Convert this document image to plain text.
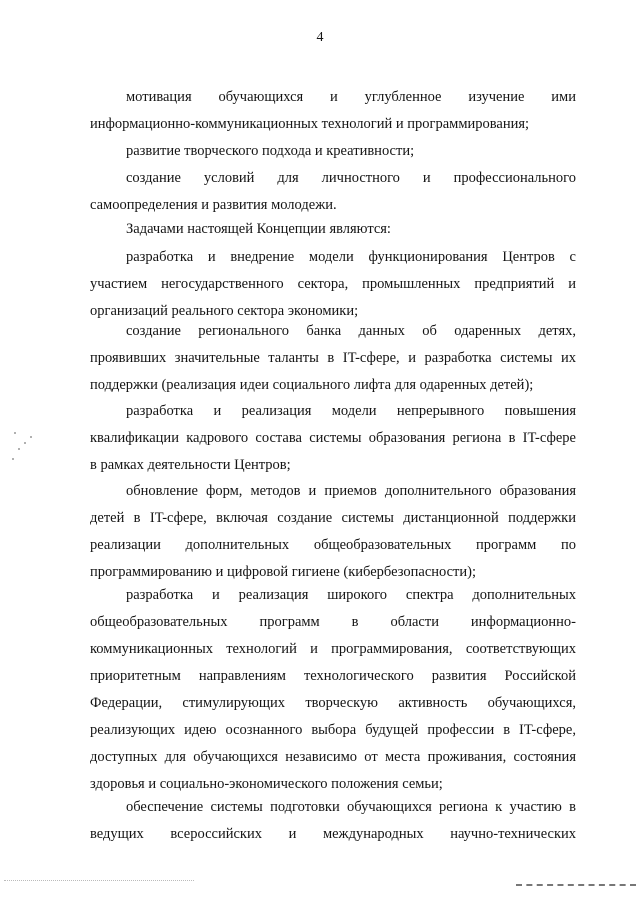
4
мотивация обучающихся и углубленное изучение ими
информационно-коммуникационных технологий и программирования;
развитие творческого подхода и креативности;
создание условий для личностного и профессионального
самоопределения и развития молодежи.
Задачами настоящей Концепции являются:
разработка и внедрение модели функционирования Центров с
участием негосударственного сектора, промышленных предприятий и
организаций реального сектора экономики;
создание регионального банка данных об одаренных детях,
проявивших значительные таланты в IT-сфере, и разработка системы их
поддержки (реализация идеи социального лифта для одаренных детей);
разработка и реализация модели непрерывного повышения
квалификации кадрового состава системы образования региона в IT-сфере
в рамках деятельности Центров;
обновление форм, методов и приемов дополнительного образования
детей в IT-сфере, включая создание системы дистанционной поддержки
реализации дополнительных общеобразовательных программ по
программированию и цифровой гигиене (кибербезопасности);
разработка и реализация широкого спектра дополнительных
общеобразовательных программ в области информационно-
коммуникационных технологий и программирования, соответствующих
приоритетным направлениям технологического развития Российской
Федерации, стимулирующих творческую активность обучающихся,
реализующих идею осознанного выбора будущей профессии в IT-сфере,
доступных для обучающихся независимо от места проживания, состояния
здоровья и социально-экономического положения семьи;
обеспечение системы подготовки обучающихся региона к участию в
ведущих всероссийских и международных научно-технических
